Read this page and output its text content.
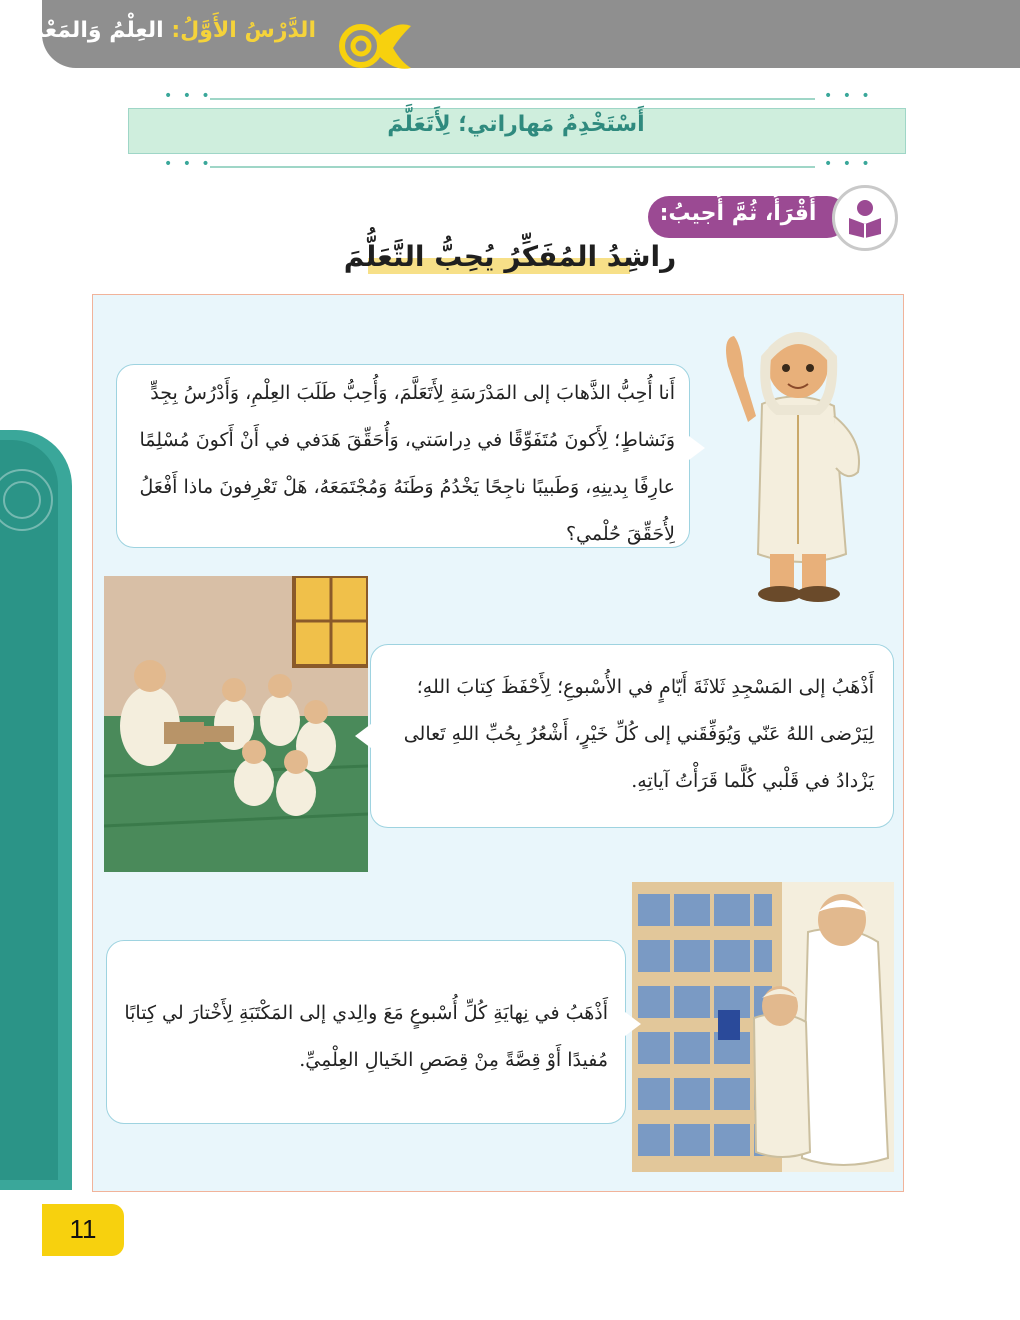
الدَّرْسُ الأَوَّلُ: العِلْمُ وَالمَعْرِفَةُ
• • •	• • •
أَسْتَخْدِمُ مَهاراتي؛ لِأَتَعَلَّمَ
• • •	• • •
أَقْرَأُ، ثُمَّ أُجيبُ:
راشِدُ المُفَكِّرُ يُحِبُّ التَّعَلُّمَ
أَنا أُحِبُّ الذَّهابَ إلى المَدْرَسَةِ لِأَتَعَلَّمَ، وَأُحِبُّ طَلَبَ العِلْمِ، وَأَدْرُسُ بِجِدٍّ وَنَشاطٍ؛ لِأَكونَ مُتَفَوِّقًا في دِراسَتي، وَأُحَقِّقَ هَدَفي في أَنْ أَكونَ مُسْلِمًا عارِفًا بِدينِهِ، وَطَبيبًا ناجِحًا يَخْدُمُ وَطَنَهُ وَمُجْتَمَعَهُ، هَلْ تَعْرِفونَ ماذا أَفْعَلُ لِأُحَقِّقَ حُلْمي؟
أَذْهَبُ إلى المَسْجِدِ ثَلاثَةَ أَيّامٍ في الأُسْبوعِ؛ لِأَحْفَظَ كِتابَ اللهِ؛ لِيَرْضى اللهُ عَنّي وَيُوَفِّقَني إلى كُلِّ خَيْرٍ، أَشْعُرُ بِحُبِّ اللهِ تَعالى يَزْدادُ في قَلْبي كُلَّما قَرَأْتُ آياتِهِ.
أَذْهَبُ في نِهايَةِ كُلِّ أُسْبوعٍ مَعَ والِدي إلى المَكْتَبَةِ لِأَخْتارَ لي كِتابًا مُفيدًا أَوْ قِصَّةً مِنْ قِصَصِ الخَيالِ العِلْمِيِّ.
11
